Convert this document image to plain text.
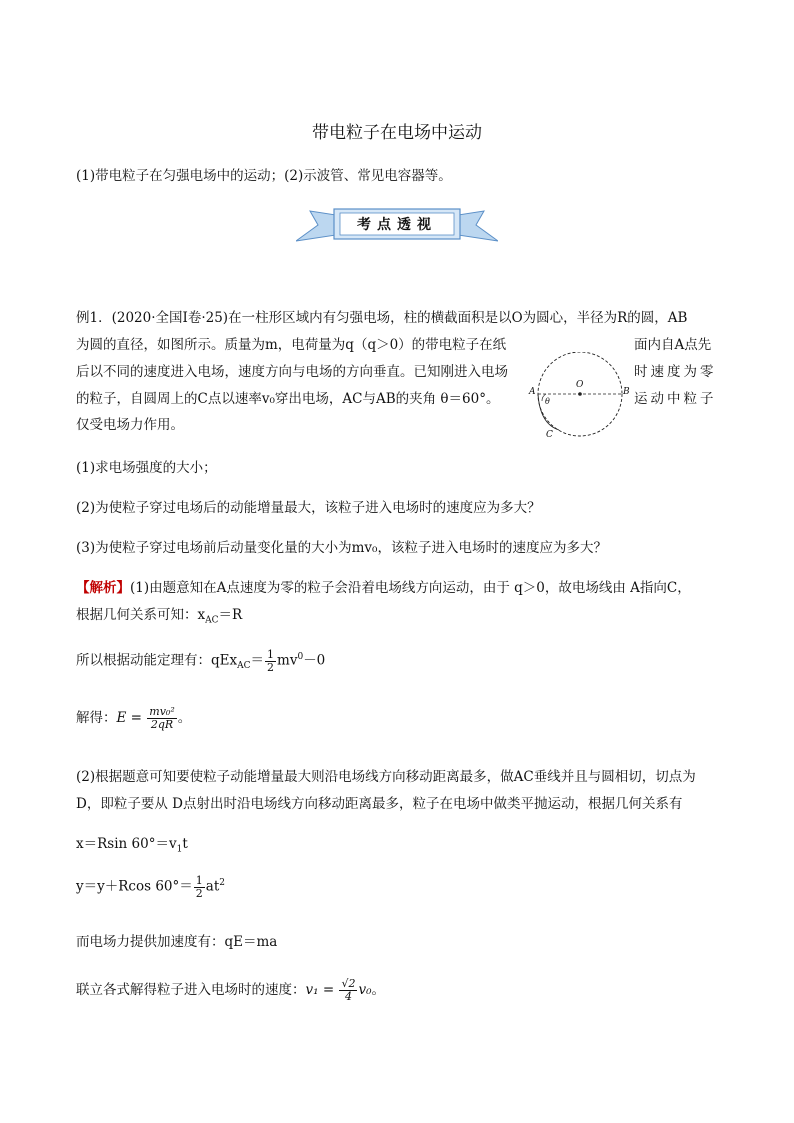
带电粒子在电场中运动
(1)带电粒子在匀强电场中的运动；(2)示波管、常见电容器等。
考点透视
例1．(2020·全国Ⅰ卷·25)在一柱形区域内有匀强电场，柱的横截面积是以O为圆心，半径为R的圆，AB
为圆的直径，如图所示。质量为m，电荷量为q（q＞0）的带电粒子在纸	面内自A点先
后以不同的速度进入电场，速度方向与电场的方向垂直。已知刚进入电场	时速度为零
的粒子，自圆周上的C点以速率v₀穿出电场，AC与AB的夹角 θ＝60°。	运动中粒子
仅受电场力作用。
A	B
C
O
θ
(1)求电场强度的大小；
(2)为使粒子穿过电场后的动能增量最大，该粒子进入电场时的速度应为多大？
(3)为使粒子穿过电场前后动量变化量的大小为mv₀，该粒子进入电场时的速度应为多大？
【解析】(1)由题意知在A点速度为零的粒子会沿着电场线方向运动，由于 q＞0，故电场线由 A指向C，
根据几何关系可知：$x_{AC}=R$
所以根据动能定理有：$qEx_{AC}= \frac{1}{2} mv^0-0$
解得：$E = \frac{\text{mv₀²}}{2qR}$ 。
(2)根据题意可知要使粒子动能增量最大则沿电场线方向移动距离最多，做AC垂线并且与圆相切，切点为
D，即粒子要从 D点射出时沿电场线方向移动距离最多，粒子在电场中做类平抛运动，根据几何关系有
x＝Rsin $60^\circ=v_1t$
y＝y＋Rcos $60^\circ= \frac{1}{2} at^2$
而电场力提供加速度有：qE＝ma
联立各式解得粒子进入电场时的速度：$v_1 = \frac{√2}{4} v_0$。
